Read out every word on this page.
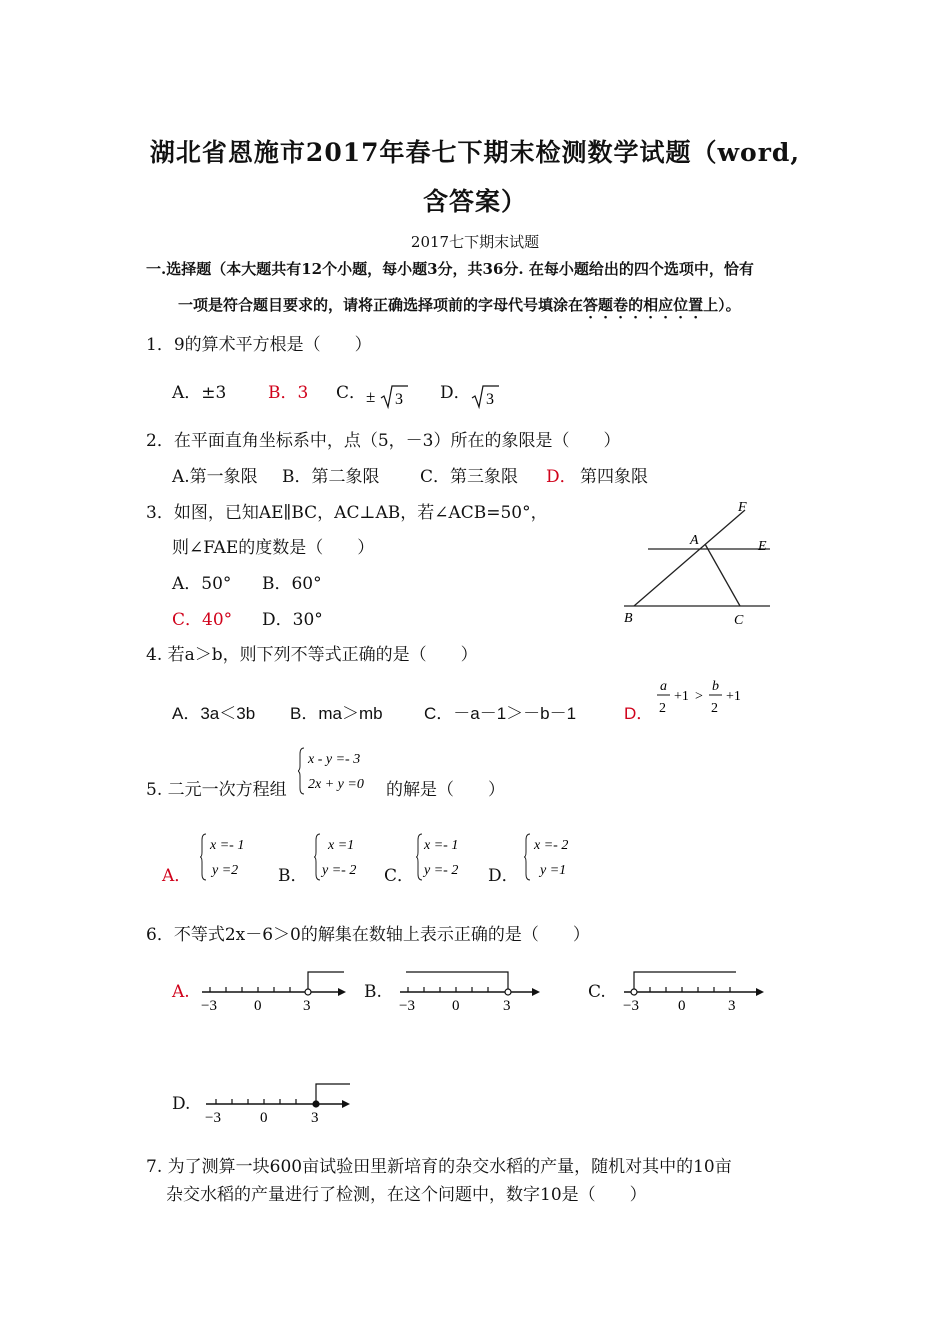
湖北省恩施市2017年春七下期末检测数学试题（word,
含答案）
2017七下期末试题
一.选择题（本大题共有12个小题，每小题3分，共36分. 在每小题给出的四个选项中，恰有
一项是符合题目要求的，请将正确选择项前的字母代号填涂在答题卷的相应位置上）。
1．9的算术平方根是（　　）
A．±3 B．3 C． ± 3 D． 3
2．在平面直角坐标系中，点（5，－3）所在的象限是（　　）
A.第一象限 B．第二象限 C．第三象限 D． 第四象限
3．如图，已知AE∥BC，AC⊥AB，若∠ACB=50°，
则∠FAE的度数是（　　）
A．50° B．60°
C．40° D．30°
F
A	E
B	C
4. 若a＞b，则下列不等式正确的是（　　）
A．3a＜3b B．ma＞mb C．－a－1＞－b－1	D．
a
2
+1 >
b
2
+1
5. 二元一次方程组
x - y =- 3
2x + y =0 的解是（　　）
A．
x =- 1
y =2 B．
x =1
y =- 2 C．
x =- 1
y =- 2 D．
x =- 2
y =1
6．不等式2x－6＞0的解集在数轴上表示正确的是（　　）
A.
−3 0	3
B.
−3 0	3
C.
−3	0	3
D.
−3	0	3
7. 为了测算一块600亩试验田里新培育的杂交水稻的产量，随机对其中的10亩
杂交水稻的产量进行了检测，在这个问题中，数字10是（　　）
